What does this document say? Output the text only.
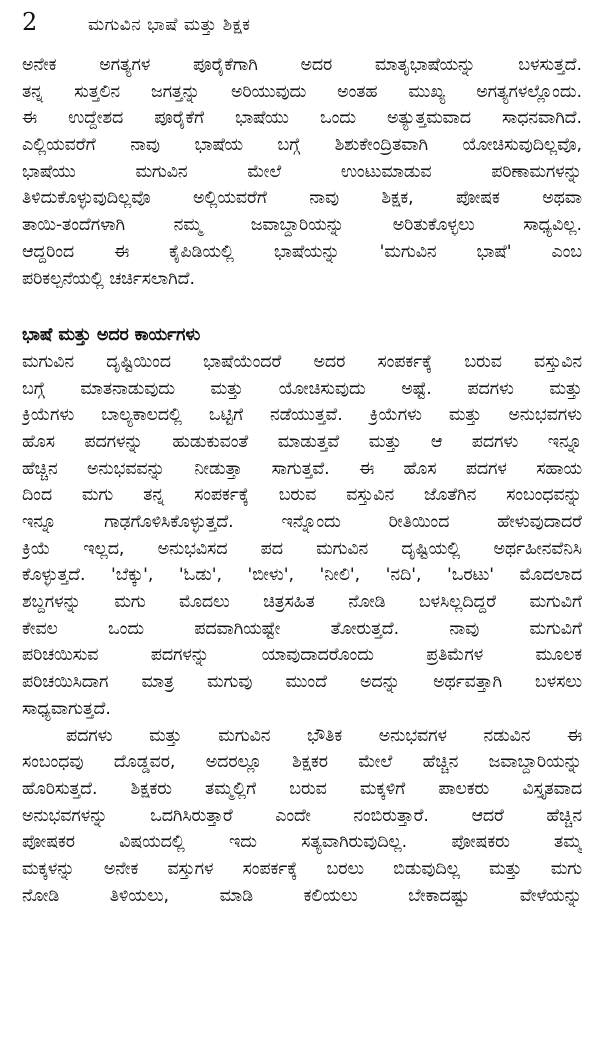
2	ಮಗುವಿನ ಭಾಷೆ ಮತ್ತು ಶಿಕ್ಷಕ
ಅನೇಕ ಅಗತ್ಯಗಳ ಪೂರೈಕೆಗಾಗಿ ಅದರ ಮಾತೃಭಾಷೆಯನ್ನು ಬಳಸುತ್ತದೆ.
ತನ್ನ ಸುತ್ತಲಿನ ಜಗತ್ತನ್ನು ಅರಿಯುವುದು ಅಂತಹ ಮುಖ್ಯ ಅಗತ್ಯಗಳಲ್ಲೊಂದು.
ಈ ಉದ್ದೇಶದ ಪೂರೈಕೆಗೆ ಭಾಷೆಯು ಒಂದು ಅತ್ಯುತ್ತಮವಾದ ಸಾಧನವಾಗಿದೆ.
ಎಲ್ಲಿಯವರೆಗೆ ನಾವು ಭಾಷೆಯ ಬಗ್ಗೆ ಶಿಶುಕೇಂದ್ರಿತವಾಗಿ ಯೋಚಿಸುವುದಿಲ್ಲವೊ,
ಭಾಷೆಯು ಮಗುವಿನ ಮೇಲೆ ಉಂಟುಮಾಡುವ ಪರಿಣಾಮಗಳನ್ನು
ತಿಳಿದುಕೊಳ್ಳುವುದಿಲ್ಲವೊ ಅಲ್ಲಿಯವರೆಗೆ ನಾವು ಶಿಕ್ಷಕ, ಪೋಷಕ ಅಥವಾ
ತಾಯಿ-ತಂದೆಗಳಾಗಿ ನಮ್ಮ ಜವಾಬ್ದಾರಿಯನ್ನು ಅರಿತುಕೊಳ್ಳಲು ಸಾಧ್ಯವಿಲ್ಲ.
ಆದ್ದರಿಂದ ಈ ಕೈಪಿಡಿಯಲ್ಲಿ ಭಾಷೆಯನ್ನು 'ಮಗುವಿನ ಭಾಷೆ' ಎಂಬ
ಪರಿಕಲ್ಪನೆಯಲ್ಲಿ ಚರ್ಚಿಸಲಾಗಿದೆ.
ಭಾಷೆ ಮತ್ತು ಅದರ ಕಾರ್ಯಗಳು
ಮಗುವಿನ ದೃಷ್ಟಿಯಿಂದ ಭಾಷೆಯೆಂದರೆ ಅದರ ಸಂಪರ್ಕಕ್ಕೆ ಬರುವ ವಸ್ತುವಿನ
ಬಗ್ಗೆ ಮಾತನಾಡುವುದು ಮತ್ತು ಯೋಚಿಸುವುದು ಅಷ್ಟೆ. ಪದಗಳು ಮತ್ತು
ಕ್ರಿಯೆಗಳು ಬಾಲ್ಯಕಾಲದಲ್ಲಿ ಒಟ್ಟಿಗೆ ನಡೆಯುತ್ತವೆ. ಕ್ರಿಯೆಗಳು ಮತ್ತು ಅನುಭವಗಳು
ಹೊಸ ಪದಗಳನ್ನು ಹುಡುಕುವಂತೆ ಮಾಡುತ್ತವೆ ಮತ್ತು ಆ ಪದಗಳು ಇನ್ನೂ
ಹೆಚ್ಚಿನ ಅನುಭವವನ್ನು ನೀಡುತ್ತಾ ಸಾಗುತ್ತವೆ. ಈ ಹೊಸ ಪದಗಳ ಸಹಾಯ
ದಿಂದ ಮಗು ತನ್ನ ಸಂಪರ್ಕಕ್ಕೆ ಬರುವ ವಸ್ತುವಿನ ಜೊತೆಗಿನ ಸಂಬಂಧವನ್ನು
ಇನ್ನೂ ಗಾಢಗೊಳಿಸಿಕೊಳ್ಳುತ್ತದೆ. ಇನ್ನೊಂದು ರೀತಿಯಿಂದ ಹೇಳುವುದಾದರೆ
ಕ್ರಿಯೆ ಇಲ್ಲದ, ಅನುಭವಿಸದ ಪದ ಮಗುವಿನ ದೃಷ್ಟಿಯಲ್ಲಿ ಅರ್ಥಹೀನವೆನಿಸಿ
ಕೊಳ್ಳುತ್ತದೆ. 'ಬೆಕ್ಕು', 'ಓಡು', 'ಬೀಳು', 'ನೀಲಿ', 'ನದಿ', 'ಒರಟು' ಮೊದಲಾದ
ಶಬ್ದಗಳನ್ನು ಮಗು ಮೊದಲು ಚಿತ್ರಸಹಿತ ನೋಡಿ ಬಳಸಿಲ್ಲದಿದ್ದರೆ ಮಗುವಿಗೆ
ಕೇವಲ ಒಂದು ಪದವಾಗಿಯಷ್ಟೇ ತೋರುತ್ತದೆ. ನಾವು ಮಗುವಿಗೆ
ಪರಿಚಯಿಸುವ ಪದಗಳನ್ನು ಯಾವುದಾದರೊಂದು ಪ್ರತಿಮೆಗಳ ಮೂಲಕ
ಪರಿಚಯಿಸಿದಾಗ ಮಾತ್ರ ಮಗುವು ಮುಂದೆ ಅದನ್ನು ಅರ್ಥವತ್ತಾಗಿ ಬಳಸಲು
ಸಾಧ್ಯವಾಗುತ್ತದೆ.
ಪದಗಳು ಮತ್ತು ಮಗುವಿನ ಭೌತಿಕ ಅನುಭವಗಳ ನಡುವಿನ ಈ
ಸಂಬಂಧವು ದೊಡ್ಡವರ, ಅದರಲ್ಲೂ ಶಿಕ್ಷಕರ ಮೇಲೆ ಹೆಚ್ಚಿನ ಜವಾಬ್ದಾರಿಯನ್ನು
ಹೊರಿಸುತ್ತದೆ. ಶಿಕ್ಷಕರು ತಮ್ಮಲ್ಲಿಗೆ ಬರುವ ಮಕ್ಕಳಿಗೆ ಪಾಲಕರು ವಿಸ್ತೃತವಾದ
ಅನುಭವಗಳನ್ನು ಒದಗಿಸಿರುತ್ತಾರೆ ಎಂದೇ ನಂಬಿರುತ್ತಾರೆ. ಆದರೆ ಹೆಚ್ಚಿನ
ಪೋಷಕರ ವಿಷಯದಲ್ಲಿ ಇದು ಸತ್ಯವಾಗಿರುವುದಿಲ್ಲ. ಪೋಷಕರು ತಮ್ಮ
ಮಕ್ಕಳನ್ನು ಅನೇಕ ವಸ್ತುಗಳ ಸಂಪರ್ಕಕ್ಕೆ ಬರಲು ಬಿಡುವುದಿಲ್ಲ ಮತ್ತು ಮಗು
ನೋಡಿ ತಿಳಿಯಲು, ಮಾಡಿ ಕಲಿಯಲು ಬೇಕಾದಷ್ಟು ವೇಳೆಯನ್ನು
